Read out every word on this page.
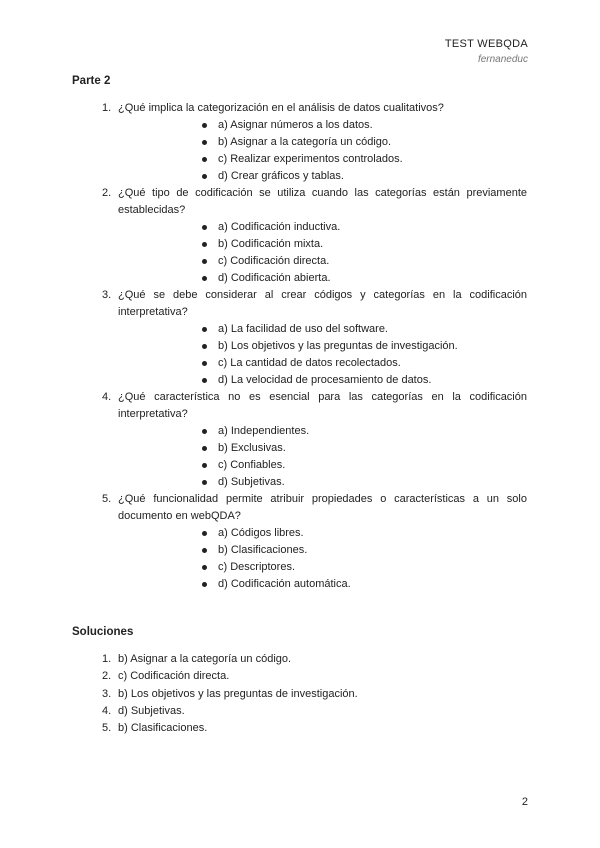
TEST WEBQDA
fernaneduc
Parte 2
1. ¿Qué implica la categorización en el análisis de datos cualitativos?
a) Asignar números a los datos.
b) Asignar a la categoría un código.
c) Realizar experimentos controlados.
d) Crear gráficos y tablas.
2. ¿Qué tipo de codificación se utiliza cuando las categorías están previamente establecidas?
a) Codificación inductiva.
b) Codificación mixta.
c) Codificación directa.
d) Codificación abierta.
3. ¿Qué se debe considerar al crear códigos y categorías en la codificación interpretativa?
a) La facilidad de uso del software.
b) Los objetivos y las preguntas de investigación.
c) La cantidad de datos recolectados.
d) La velocidad de procesamiento de datos.
4. ¿Qué característica no es esencial para las categorías en la codificación interpretativa?
a) Independientes.
b) Exclusivas.
c) Confiables.
d) Subjetivas.
5. ¿Qué funcionalidad permite atribuir propiedades o características a un solo documento en webQDA?
a) Códigos libres.
b) Clasificaciones.
c) Descriptores.
d) Codificación automática.
Soluciones
1. b) Asignar a la categoría un código.
2. c) Codificación directa.
3. b) Los objetivos y las preguntas de investigación.
4. d) Subjetivas.
5. b) Clasificaciones.
2
